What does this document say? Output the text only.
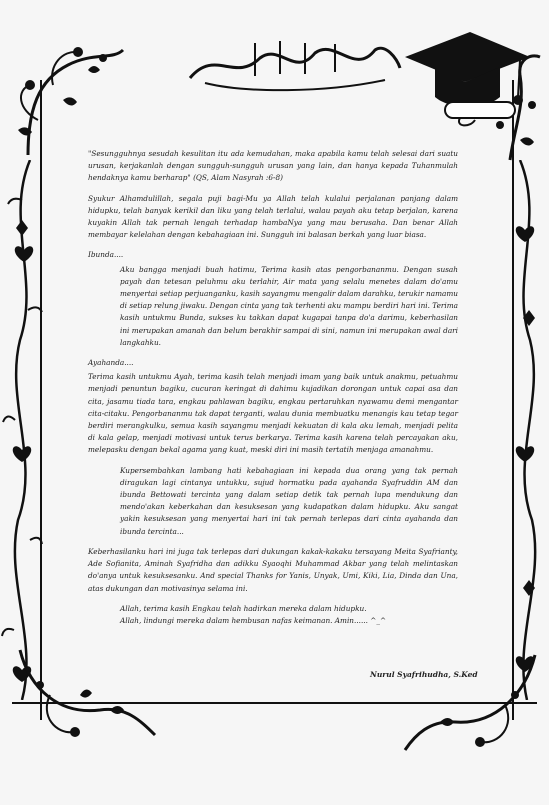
"Sesungguhnya sesudah kesulitan itu ada kemudahan, maka apabila kamu telah selesai dari suatu urusan, kerjakanlah dengan sungguh-sungguh urusan yang lain, dan hanya kepada Tuhanmulah hendaknya kamu berharap" (QS, Alam Nasyrah :6-8)

Syukur Alhamdulillah, segala puji bagi-Mu ya Allah telah kulalui perjalanan panjang dalam hidupku, telah banyak kerikil dan liku yang telah terlalui, walau payah aku tetap berjalan, karena kuyakin Allah tak pernah lengah terhadap hambaNya yang mau berusaha. Dan benar Allah membayar kelelahan dengan kebahagiaan ini. Sungguh ini balasan berkah yang luar biasa.

Ibunda....

Aku bangga menjadi buah hatimu, Terima kasih atas pengorbananmu. Dengan susah payah dan tetesan peluhmu aku terlahir, Air mata yang selalu menetes dalam do'amu menyertai setiap perjuanganku, kasih sayangmu mengalir dalam darahku, terukir namamu di setiap relung jiwaku. Dengan cinta yang tak terhenti aku mampu berdiri hari ini. Terima kasih untukmu Bunda, sukses ku takkan dapat kugapai tanpa do'a darimu, keberhasilan ini merupakan amanah dan belum berakhir sampai di sini, namun ini merupakan awal dari langkahku.

Ayahanda....

Terima kasih untukmu Ayah, terima kasih telah menjadi imam yang baik untuk anakmu, petuahmu menjadi penuntun bagiku, cucuran keringat di dahimu kujadikan dorongan untuk capai asa dan cita, jasamu tiada tara, engkau pahlawan bagiku, engkau pertaruhkan nyawamu demi mengantar cita-citaku. Pengorbananmu tak dapat terganti, walau dunia membuatku menangis kau tetap tegar berdiri merangkulku, semua kasih sayangmu menjadi kekuatan di kala aku lemah, menjadi pelita di kala gelap, menjadi motivasi untuk terus berkarya. Terima kasih karena telah percayakan aku, melepasku dengan bekal agama yang kuat, meski diri ini masih tertatih menjaga amanahmu.

Kupersembahkan lambang hati kebahagiaan ini kepada dua orang yang tak pernah diragukan lagi cintanya untukku, sujud hormatku pada ayahanda Syafruddin AM dan ibunda Bettowati tercinta yang dalam setiap detik tak pernah lupa mendukung dan mendo'akan keberkahan dan kesuksesan yang kudapatkan dalam hidupku. Aku sangat yakin kesuksesan yang menyertai hari ini tak pernah terlepas dari cinta ayahanda dan ibunda tercinta...

Keberhasilanku hari ini juga tak terlepas dari dukungan kakak-kakaku tersayang Meita Syafrianty, Ade Sofianita, Aminah Syafridha dan adikku Syaoqhi Muhammad Akbar yang telah melintaskan do'anya untuk kesuksesanku. And special Thanks for Yanis, Unyak, Umi, Kiki, Lia, Dinda dan Una, atas dukungan dan motivasinya selama ini.

Allah, terima kasih Engkau telah hadirkan mereka dalam hidupku.

Allah, lindungi mereka dalam hembusan nafas keimanan. Amin...... ^_^

Nurul Syafrihudha, S.Ked
